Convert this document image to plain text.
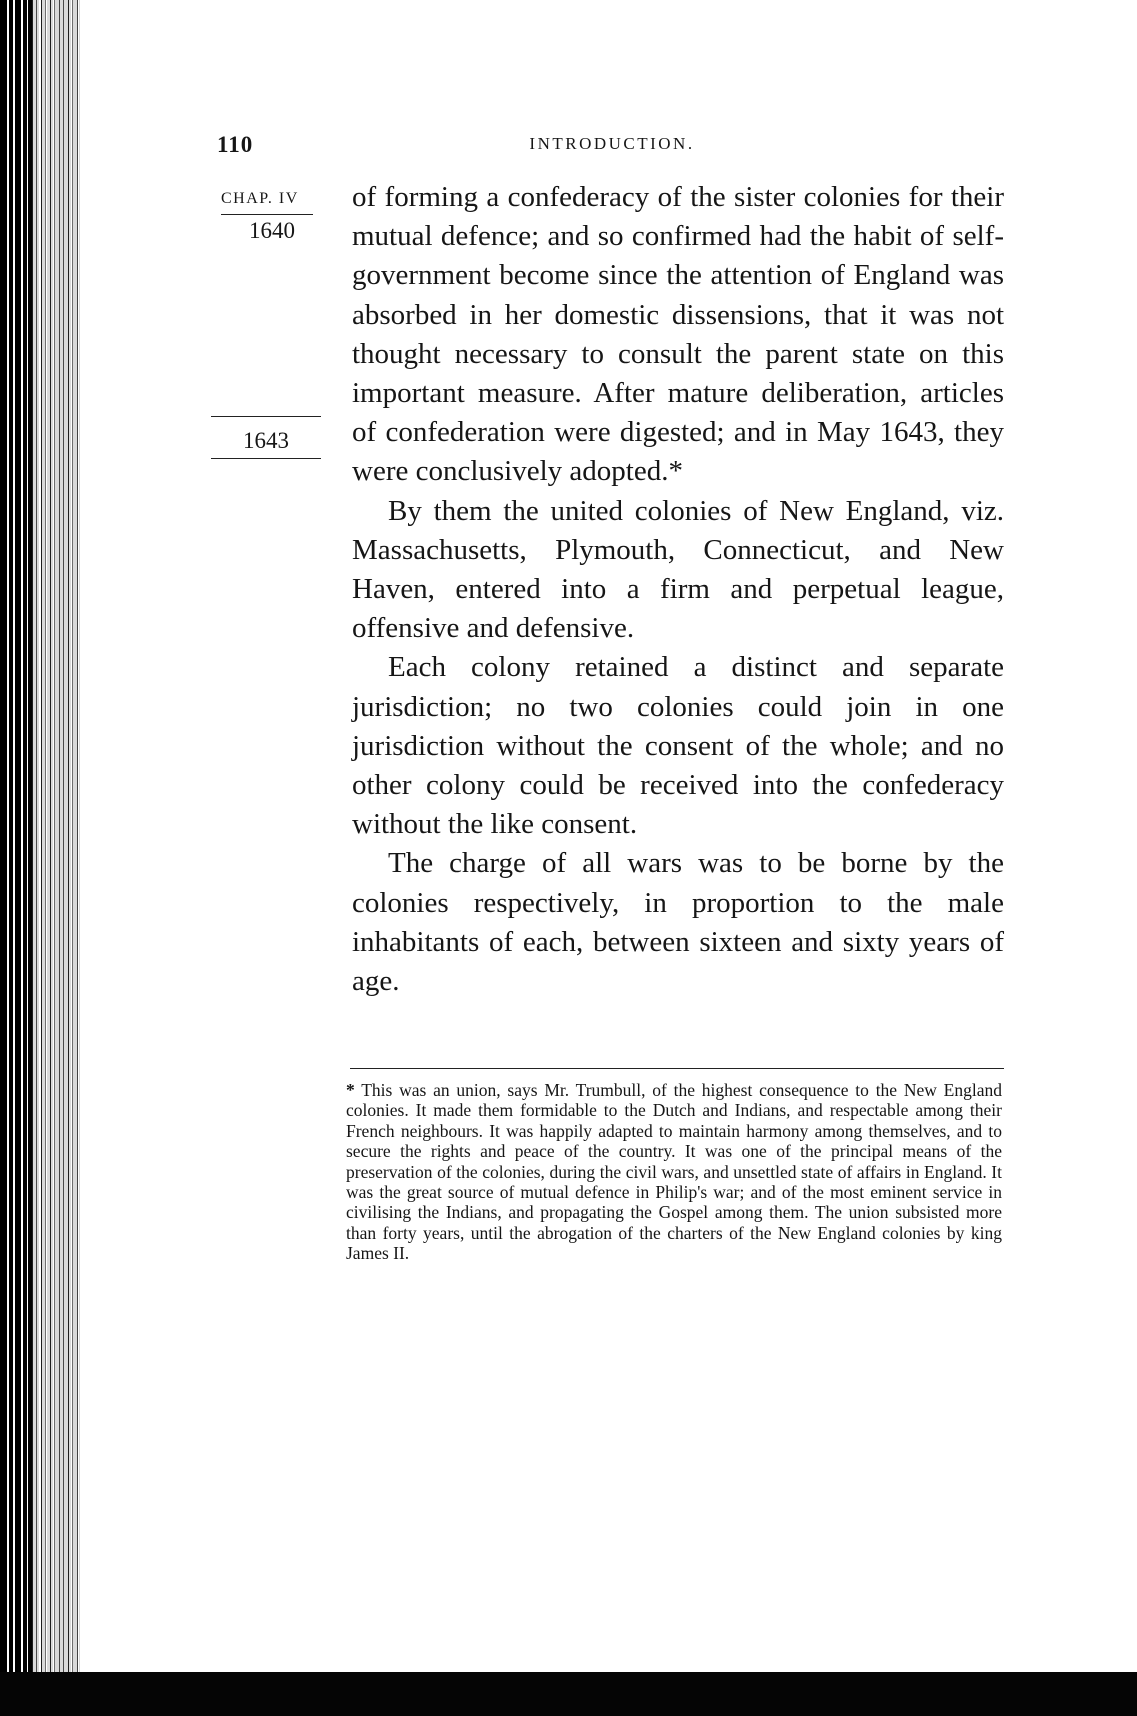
110	INTRODUCTION.
CHAP. IV
1640
1643

of forming a confederacy of the sister colonies for their mutual defence; and so confirmed had the habit of self-government become since the attention of England was absorbed in her domestic dissensions, that it was not thought necessary to consult the parent state on this important measure. After mature deliberation, articles of confederation were digested; and in May 1643, they were conclusively adopted.*

By them the united colonies of New England, viz. Massachusetts, Plymouth, Connecticut, and New Haven, entered into a firm and perpetual league, offensive and defensive.

Each colony retained a distinct and separate jurisdiction; no two colonies could join in one jurisdiction without the consent of the whole; and no other colony could be received into the confederacy without the like consent.

The charge of all wars was to be borne by the colonies respectively, in proportion to the male inhabitants of each, between sixteen and sixty years of age.

* This was an union, says Mr. Trumbull, of the highest consequence to the New England colonies. It made them formidable to the Dutch and Indians, and respectable among their French neighbours. It was happily adapted to maintain harmony among themselves, and to secure the rights and peace of the country. It was one of the principal means of the preservation of the colonies, during the civil wars, and unsettled state of affairs in England. It was the great source of mutual defence in Philip's war; and of the most eminent service in civilising the Indians, and propagating the Gospel among them. The union subsisted more than forty years, until the abrogation of the charters of the New England colonies by king James II.
